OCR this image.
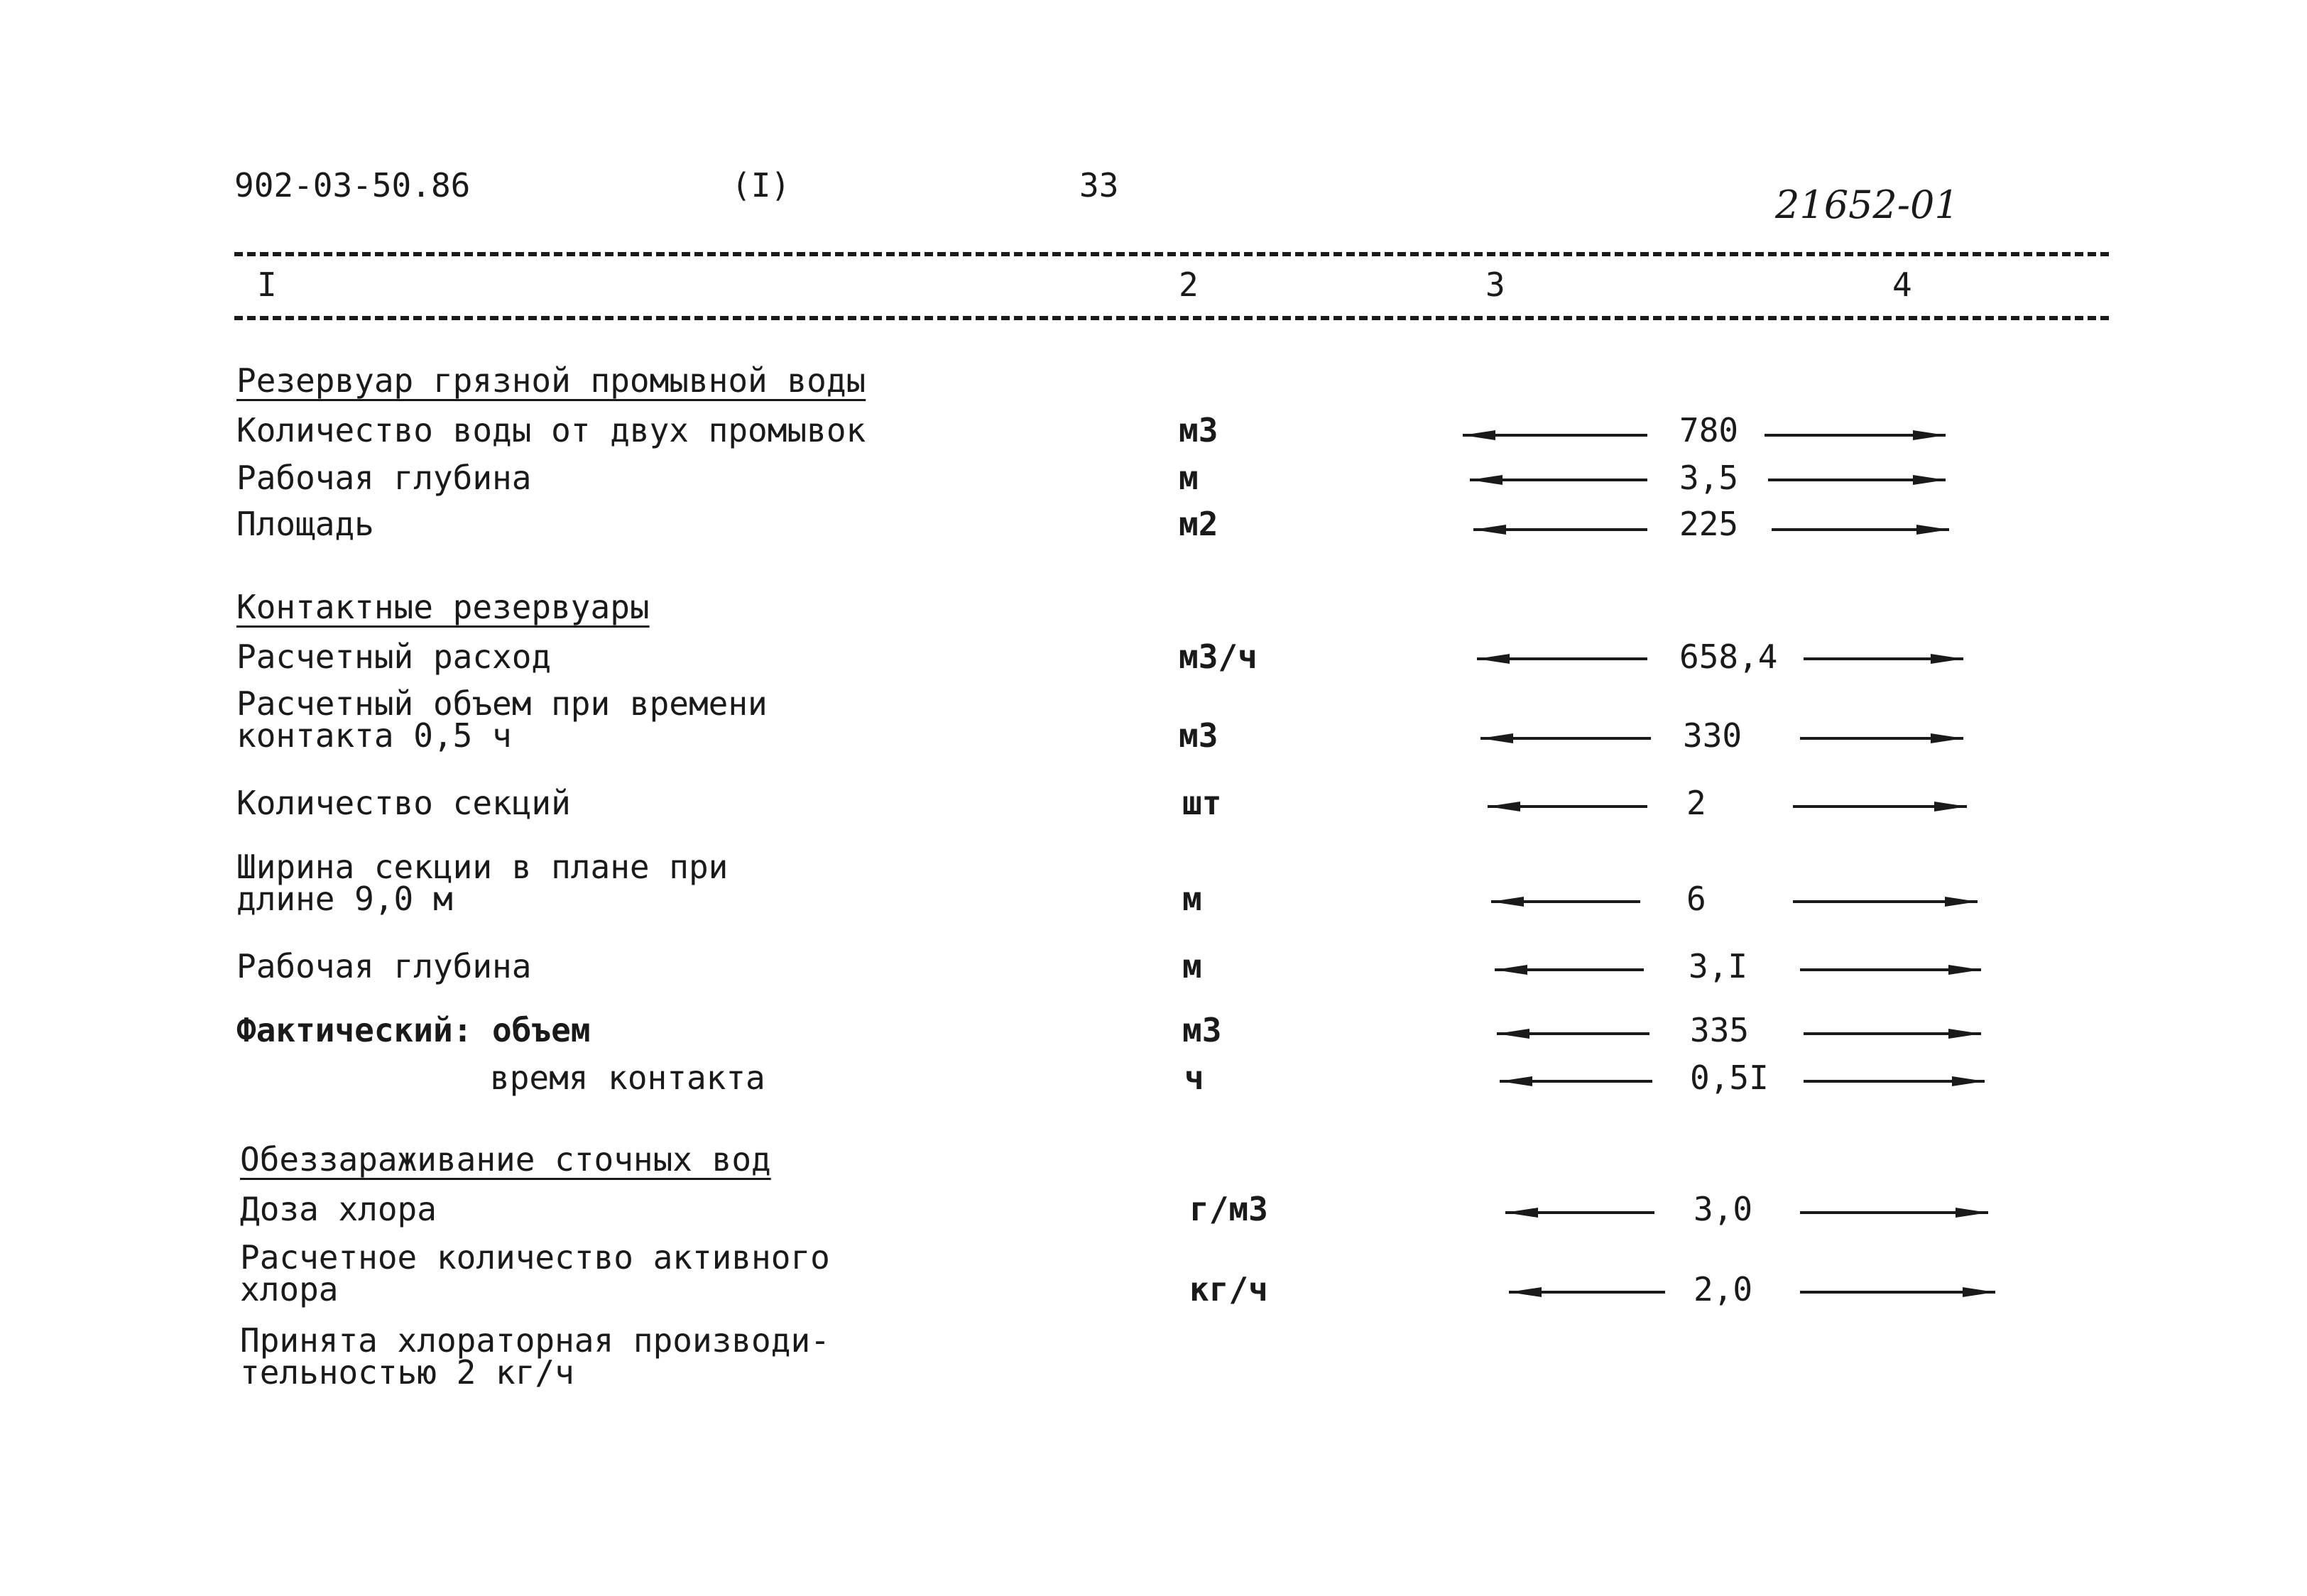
902-03-50.86	(I)	33	21652-01
I	2	3	4
Резервуар грязной промывной воды
Количество воды от двух промывок	м3	780
Рабочая глубина	м	3,5
Площадь	м2	225
Контактные резервуары
Расчетный расход	м3/ч	658,4
Расчетный объем при времени
контакта 0,5 ч	м3	330
Количество секций	шт	2
Ширина секции в плане при
длине 9,0 м	м	6
Рабочая глубина	м	3,I
Фактический: объем	м3	335
время контакта	ч	0,5I
Обеззараживание сточных вод
Доза хлора	г/м3	3,0
Расчетное количество активного
хлора	кг/ч	2,0
Принята хлораторная производи-
тельностью 2 кг/ч
